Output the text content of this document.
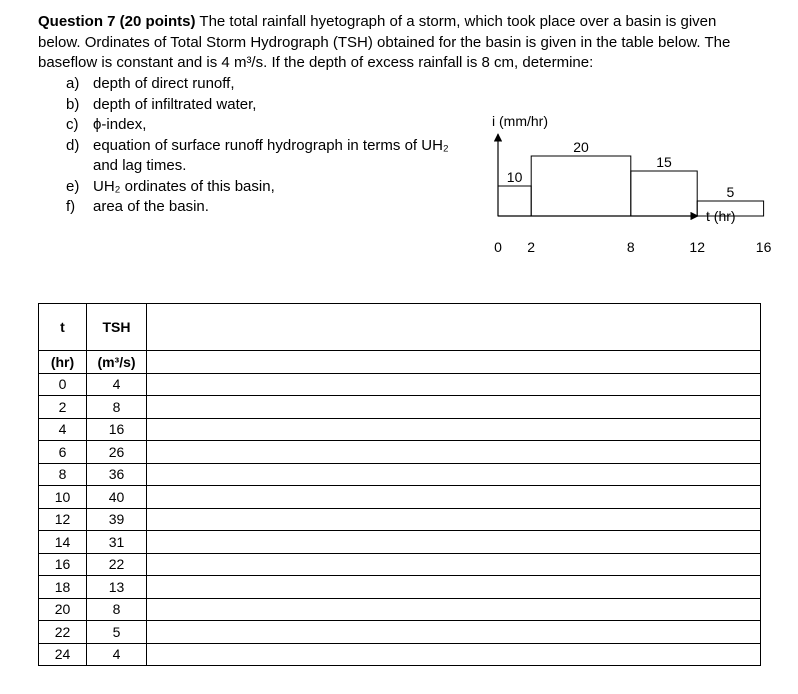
Question 7 (20 points) The total rainfall hyetograph of a storm, which took place over a basin is given below. Ordinates of Total Storm Hydrograph (TSH) obtained for the basin is given in the table below. The baseflow is constant and is 4 m³/s. If the depth of excess rainfall is 8 cm, determine:

a) depth of direct runoff,
b) depth of infiltrated water,
c) ϕ-index,
d) equation of surface runoff hydrograph in terms of UH₂ and lag times.
e) UH₂ ordinates of this basin,
f)	area of the basin.
10
20
15
5
i (mm/hr)
t (hr)
0 2	8	12	16
t	TSH	
(hr)	(m³/s)	
0	4	
2	8	
4	16	
6	26	
8	36	
10	40	
12	39	
14	31	
16	22	
18	13	
20	8	
22	5	
24	4	
